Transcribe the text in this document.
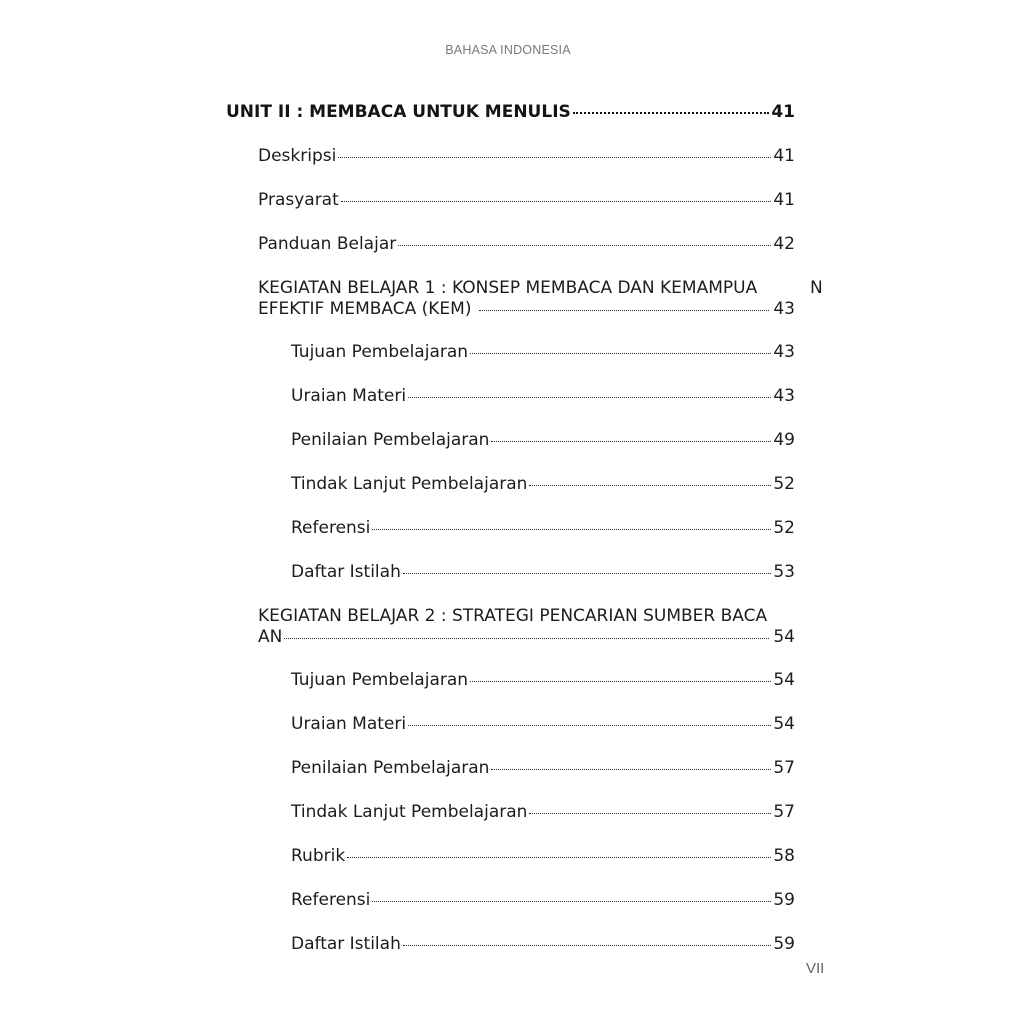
BAHASA INDONESIA
UNIT II : MEMBACA UNTUK MENULIS	41
Deskripsi	41
Prasyarat	41
Panduan Belajar	42
KEGIATAN BELAJAR 1 : KONSEP MEMBACA DAN KEMAMPUA	N
EFEKTIF MEMBACA (KEM)	43
Tujuan Pembelajaran	43
Uraian Materi	43
Penilaian Pembelajaran	49
Tindak Lanjut Pembelajaran	52
Referensi	52
Daftar Istilah	53
KEGIATAN BELAJAR 2 : STRATEGI PENCARIAN SUMBER BACA
AN	54
Tujuan Pembelajaran	54
Uraian Materi	54
Penilaian Pembelajaran	57
Tindak Lanjut Pembelajaran	57
Rubrik	58
Referensi	59
Daftar Istilah	59
VII
